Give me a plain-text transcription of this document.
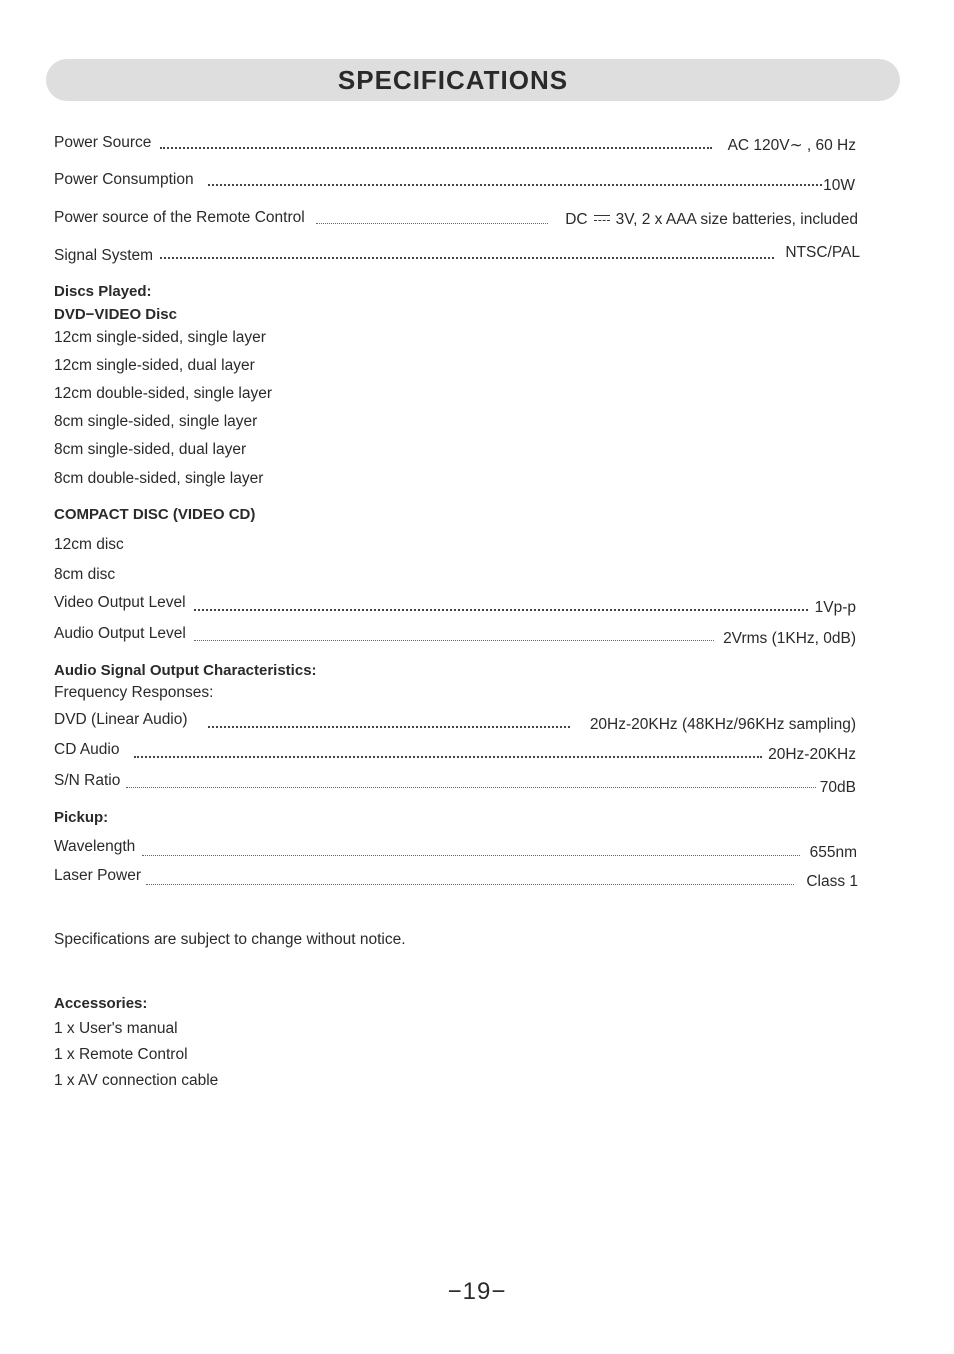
SPECIFICATIONS
Power Source	AC 120V∼ , 60 Hz
Power Consumption	10W
Power source of the Remote Control	DC 3V, 2 x AAA size batteries, included
Signal System	NTSC/PAL
Discs Played:
DVD−VIDEO Disc
12cm single-sided, single layer
12cm single-sided, dual layer
12cm double-sided, single layer
8cm single-sided, single layer
8cm single-sided, dual layer
8cm double-sided, single layer
COMPACT DISC (VIDEO CD)
12cm disc
8cm disc
Video Output Level	1Vp-p
Audio Output Level	2Vrms (1KHz, 0dB)
Audio Signal Output Characteristics:
Frequency Responses:
DVD (Linear Audio)	20Hz-20KHz (48KHz/96KHz sampling)
CD Audio	20Hz-20KHz
S/N Ratio	70dB
Pickup:
Wavelength	655nm
Laser Power	Class 1
Specifications are subject to change without notice.
Accessories:
1 x User's manual
1 x Remote Control
1 x AV connection cable
−19−
